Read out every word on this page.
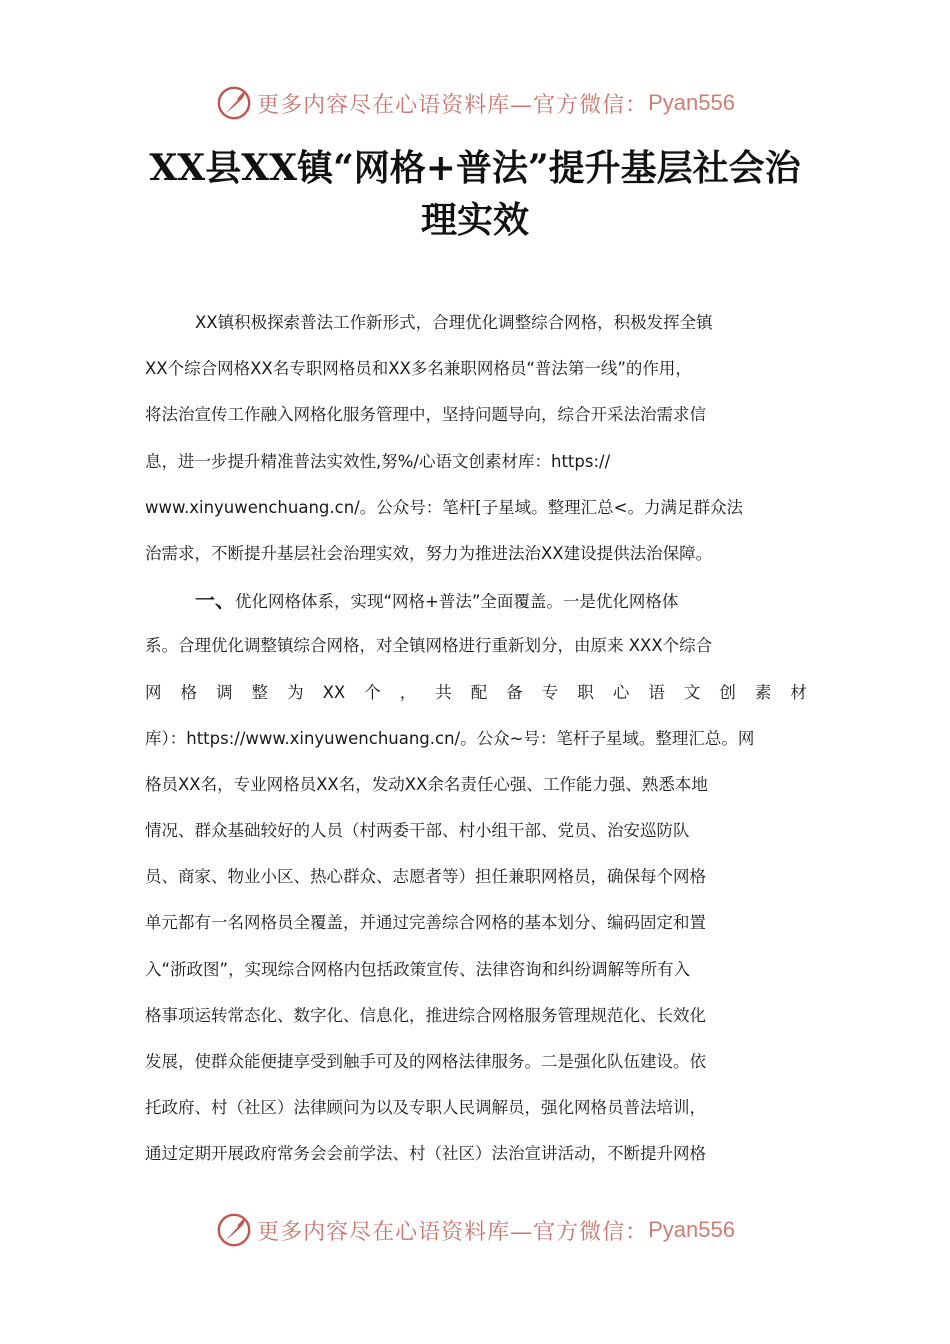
更多内容尽在心语资料库—官方微信： Pyan556
XX县XX镇“网格+普法”提升基层社会治
理实效
XX镇积极探索普法工作新形式，合理优化调整综合网格，积极发挥全镇
XX个综合网格XX名专职网格员和XX多名兼职网格员“普法第一线”的作用，
将法治宣传工作融入网格化服务管理中，坚持问题导向，综合开采法治需求信
息，进一步提升精准普法实效性,努%/心语文创素材库：https://
www.xinyuwenchuang.cn/。公众号：笔杆[子星域。整理汇总<。力满足群众法
治需求，不断提升基层社会治理实效，努力为推进法治XX建设提供法治保障。
一、优化网格体系，实现“网格+普法”全面覆盖。一是优化网格体
系。合理优化调整镇综合网格，对全镇网格进行重新划分，由原来 XXX个综合
网 格 调 整 为 XX 个 ， 共 配 备 专 职 心 语 文 创 素 材
库）：https://www.xinyuwenchuang.cn/。公众~号：笔杆子星域。整理汇总。网
格员XX名，专业网格员XX名，发动XX余名责任心强、工作能力强、熟悉本地
情况、群众基础较好的人员（村两委干部、村小组干部、党员、治安巡防队
员、商家、物业小区、热心群众、志愿者等）担任兼职网格员，确保每个网格
单元都有一名网格员全覆盖，并通过完善综合网格的基本划分、编码固定和置
入“浙政图”，实现综合网格内包括政策宣传、法律咨询和纠纷调解等所有入
格事项运转常态化、数字化、信息化，推进综合网格服务管理规范化、长效化
发展，使群众能便捷享受到触手可及的网格法律服务。二是强化队伍建设。依
托政府、村（社区）法律顾问为以及专职人民调解员，强化网格员普法培训，
通过定期开展政府常务会会前学法、村（社区）法治宣讲活动，不断提升网格
更多内容尽在心语资料库—官方微信： Pyan556
